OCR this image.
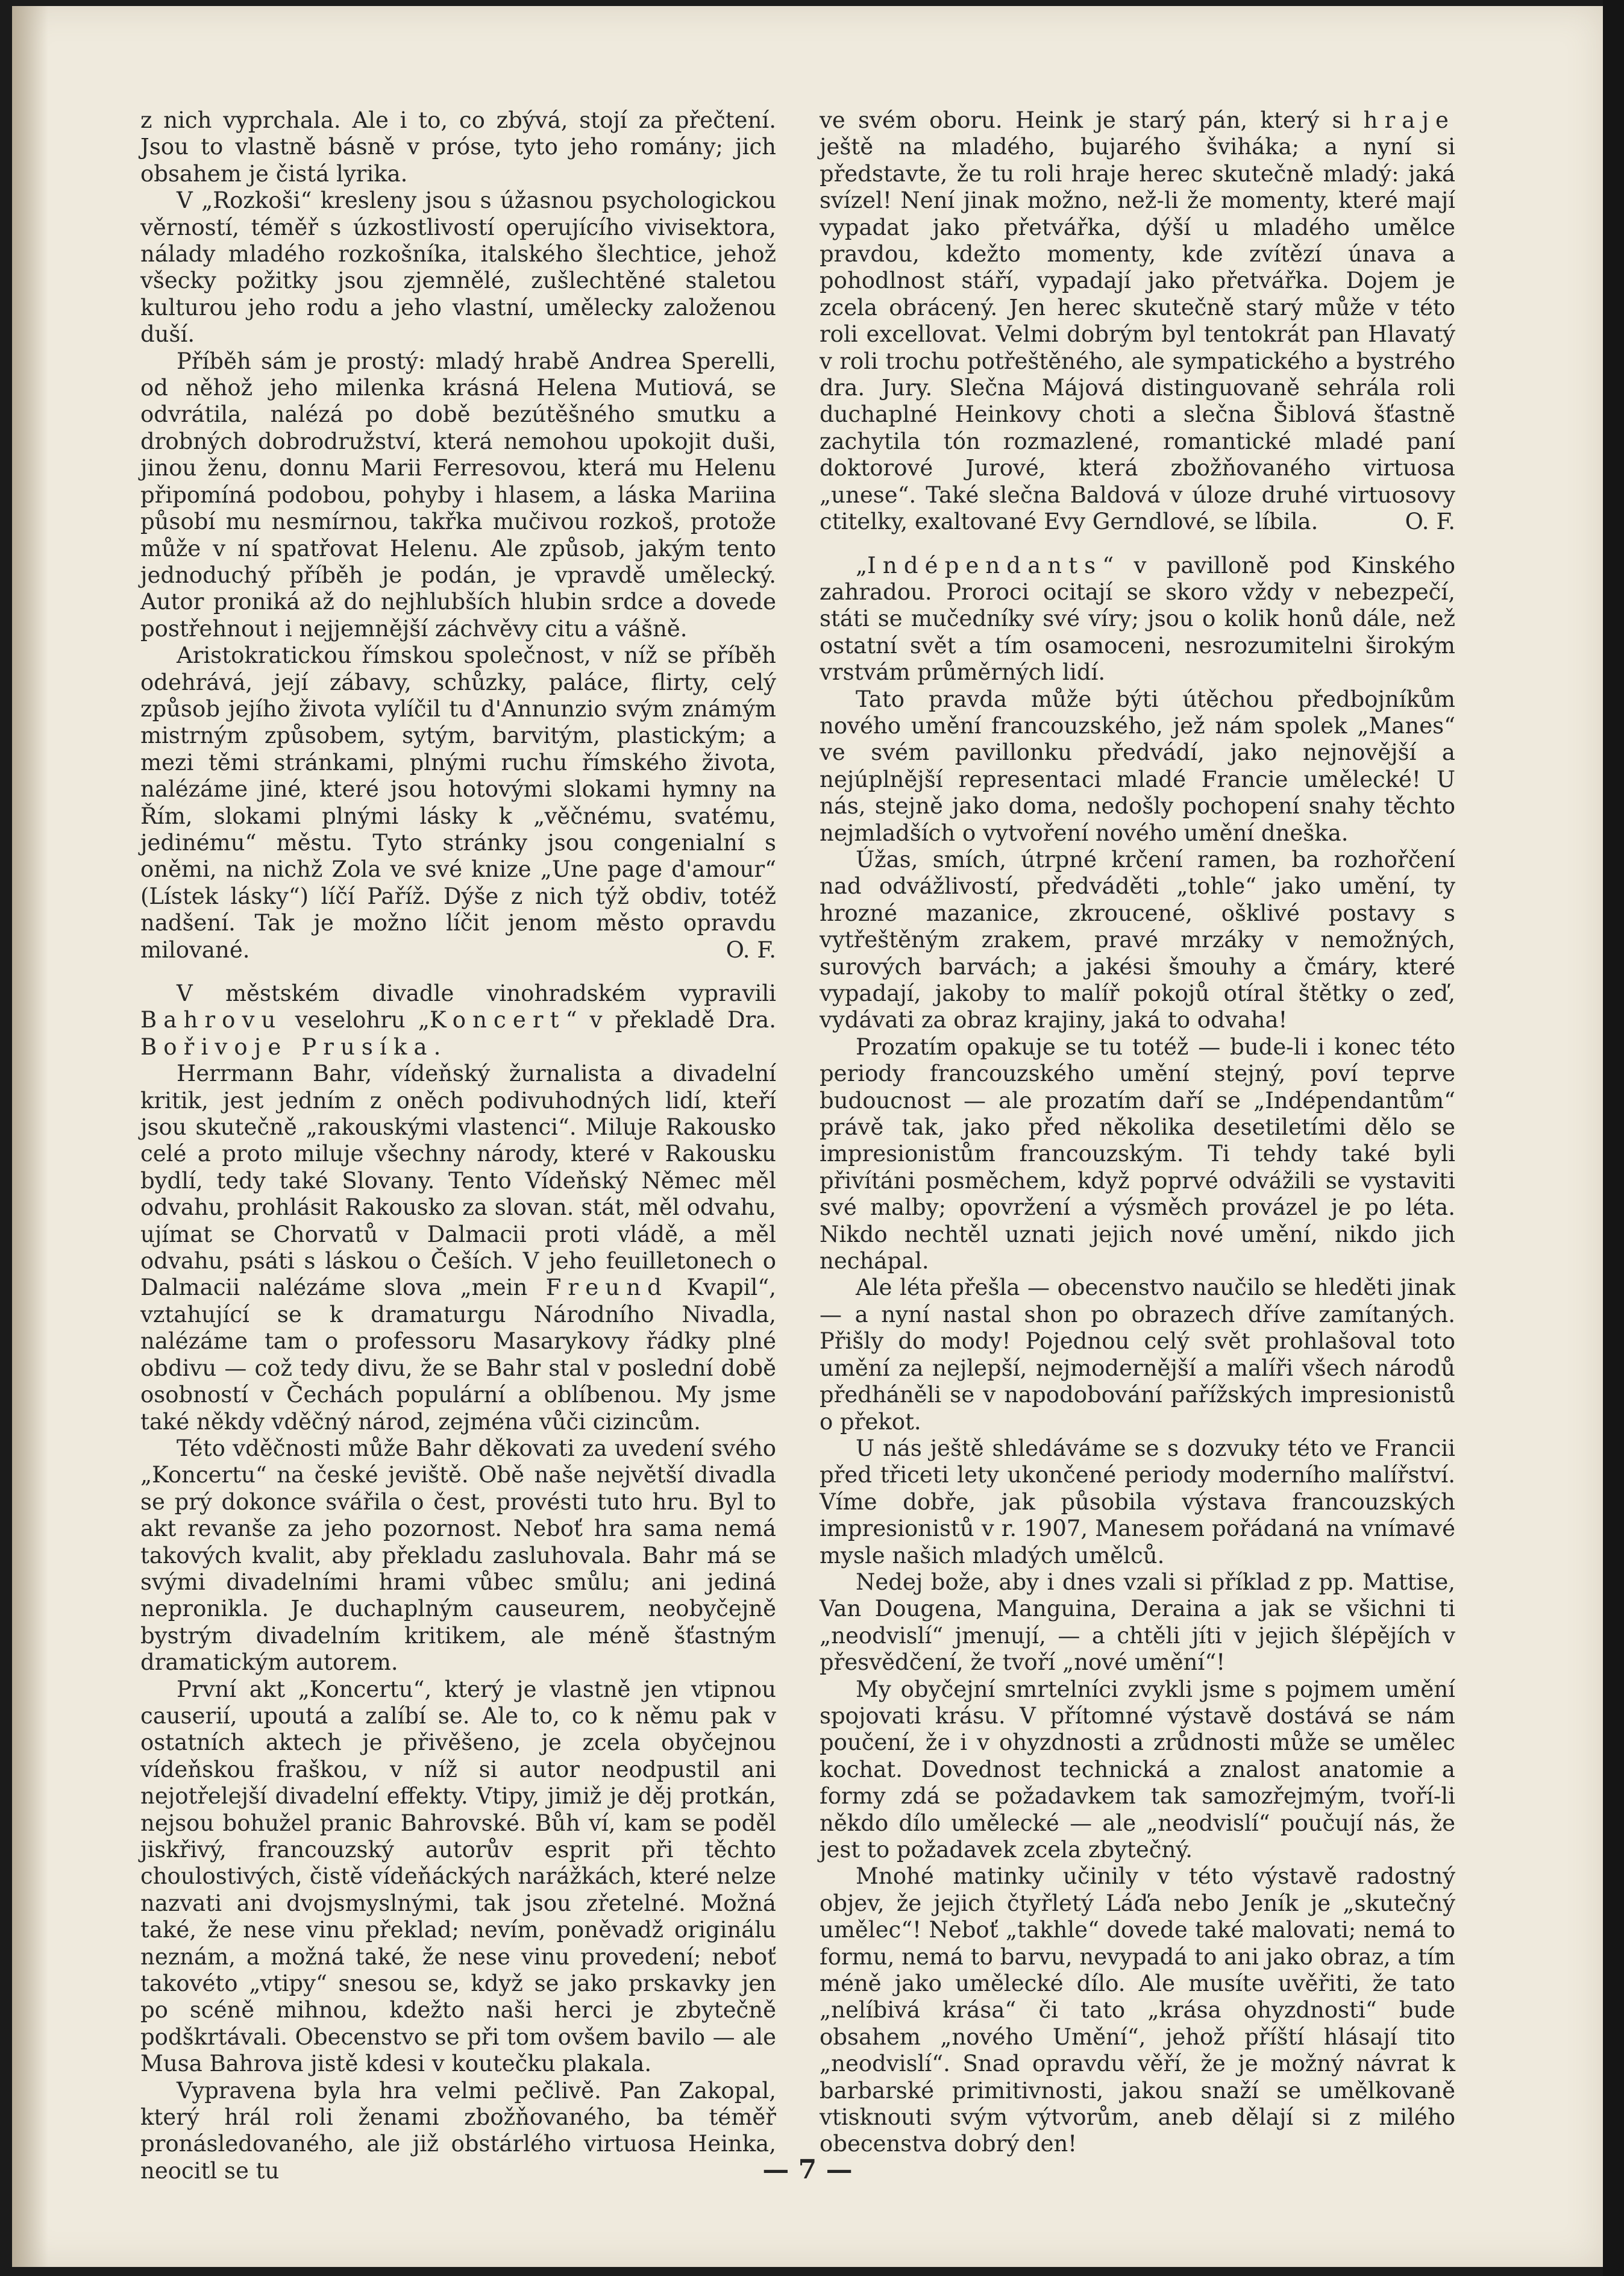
z nich vyprchala. Ale i to, co zbývá, stojí za přečtení. Jsou to vlastně básně v próse, tyto jeho romány; jich obsahem je čistá lyrika.

V „Rozkoši“ kresleny jsou s úžasnou psychologickou věrností, téměř s úzkostlivostí operujícího vivisektora, nálady mladého rozkošníka, italského šlechtice, jehož všecky požitky jsou zjemnělé, zušlechtěné staletou kulturou jeho rodu a jeho vlastní, umělecky založenou duší.

Příběh sám je prostý: mladý hrabě Andrea Sperelli, od něhož jeho milenka krásná Helena Mutiová, se odvrátila, nalézá po době bezútěšného smutku a drobných dobrodružství, která nemohou upokojit duši, jinou ženu, donnu Marii Ferresovou, která mu Helenu připomíná podobou, pohyby i hlasem, a láska Mariina působí mu nesmírnou, takřka mučivou rozkoš, protože může v ní spatřovat Helenu. Ale způsob, jakým tento jednoduchý příběh je podán, je vpravdě umělecký. Autor proniká až do nejhlubších hlubin srdce a dovede postřehnout i nejjemnější záchvěvy citu a vášně.

Aristokratickou římskou společnost, v níž se příběh odehrává, její zábavy, schůzky, paláce, flirty, celý způsob jejího života vylíčil tu d'Annunzio svým známým mistrným způsobem, sytým, barvitým, plastickým; a mezi těmi stránkami, plnými ruchu římského života, nalézáme jiné, které jsou hotovými slokami hymny na Řím, slokami plnými lásky k „věčnému, svatému, jedinému“ městu. Tyto stránky jsou congenialní s oněmi, na nichž Zola ve své knize „Une page d'amour“ (Lístek lásky“) líčí Paříž. Dýše z nich týž obdiv, totéž nadšení. Tak je možno líčit jenom město opravdu milované.	O. F.

V městském divadle vinohradském vypravili Bahrovu veselohru „Koncert“ v překladě Dra. Bořivoje Prusíka.

Herrmann Bahr, vídeňský žurnalista a divadelní kritik, jest jedním z oněch podivuhodných lidí, kteří jsou skutečně „rakouskými vlastenci“. Miluje Rakousko celé a proto miluje všechny národy, které v Rakousku bydlí, tedy také Slovany. Tento Vídeňský Němec měl odvahu, prohlásit Rakousko za slovan. stát, měl odvahu, ujímat se Chorvatů v Dalmacii proti vládě, a měl odvahu, psáti s láskou o Češích. V jeho feuilletonech o Dalmacii nalézáme slova „mein Freund Kvapil“, vztahující se k dramaturgu Národního Nivadla, nalézáme tam o professoru Masarykovy řádky plné obdivu — což tedy divu, že se Bahr stal v poslední době osobností v Čechách populární a oblíbenou. My jsme také někdy vděčný národ, zejména vůči cizincům.

Této vděčnosti může Bahr děkovati za uvedení svého „Koncertu“ na české jeviště. Obě naše největší divadla se prý dokonce svářila o čest, provésti tuto hru. Byl to akt revanše za jeho pozornost. Neboť hra sama nemá takových kvalit, aby překladu zasluhovala. Bahr má se svými divadelními hrami vůbec smůlu; ani jediná nepronikla. Je duchaplným causeurem, neobyčejně bystrým divadelním kritikem, ale méně šťastným dramatickým autorem.

První akt „Koncertu“, který je vlastně jen vtipnou causerií, upoutá a zalíbí se. Ale to, co k němu pak v ostatních aktech je přivěšeno, je zcela obyčejnou vídeňskou fraškou, v níž si autor neodpustil ani nejotřelejší divadelní effekty. Vtipy, jimiž je děj protkán, nejsou bohužel pranic Bahrovské. Bůh ví, kam se poděl jiskřivý, francouzský autorův esprit při těchto choulostivých, čistě vídeňáckých narážkách, které nelze nazvati ani dvojsmyslnými, tak jsou zřetelné. Možná také, že nese vinu překlad; nevím, poněvadž originálu neznám, a možná také, že nese vinu provedení; neboť takovéto „vtipy“ snesou se, když se jako prskavky jen po scéně mihnou, kdežto naši herci je zbytečně podškrtávali. Obecenstvo se při tom ovšem bavilo — ale Musa Bahrova jistě kdesi v koutečku plakala.

Vypravena byla hra velmi pečlivě. Pan Zakopal, který hrál roli ženami zbožňovaného, ba téměř pronásledovaného, ale již obstárlého virtuosa Heinka, neocitl se tu

ve svém oboru. Heink je starý pán, který si hraje ještě na mladého, bujarého šviháka; a nyní si představte, že tu roli hraje herec skutečně mladý: jaká svízel! Není jinak možno, než-li že momenty, které mají vypadat jako přetvářka, dýší u mladého umělce pravdou, kdežto momenty, kde zvítězí únava a pohodlnost stáří, vypadají jako přetvářka. Dojem je zcela obrácený. Jen herec skutečně starý může v této roli excellovat. Velmi dobrým byl tentokrát pan Hlavatý v roli trochu potřeštěného, ale sympatického a bystrého dra. Jury. Slečna Májová distinguovaně sehrála roli duchaplné Heinkovy choti a slečna Šiblová šťastně zachytila tón rozmazlené, romantické mladé paní doktorové Jurové, která zbožňovaného virtuosa „unese“. Také slečna Baldová v úloze druhé virtuosovy ctitelky, exaltované Evy Gerndlové, se líbila.	O. F.

„Indépendants“ v pavilloně pod Kinského zahradou. Proroci ocitají se skoro vždy v nebezpečí, státi se mučedníky své víry; jsou o kolik honů dále, než ostatní svět a tím osamoceni, nesrozumitelni širokým vrstvám průměrných lidí.

Tato pravda může býti útěchou předbojníkům nového umění francouzského, jež nám spolek „Manes“ ve svém pavillonku předvádí, jako nejnovější a nejúplnější representaci mladé Francie umělecké! U nás, stejně jako doma, nedošly pochopení snahy těchto nejmladších o vytvoření nového umění dneška.

Úžas, smích, útrpné krčení ramen, ba rozhořčení nad odvážlivostí, předváděti „tohle“ jako umění, ty hrozné mazanice, zkroucené, ošklivé postavy s vytřeštěným zrakem, pravé mrzáky v nemožných, surových barvách; a jakési šmouhy a čmáry, které vypadají, jakoby to malíř pokojů otíral štětky o zeď, vydávati za obraz krajiny, jaká to odvaha!

Prozatím opakuje se tu totéž — bude-li i konec této periody francouzského umění stejný, poví teprve budoucnost — ale prozatím daří se „Indépendantům“ právě tak, jako před několika desetiletími dělo se impresionistům francouzským. Ti tehdy také byli přivítáni posměchem, když poprvé odvážili se vystaviti své malby; opovržení a výsměch provázel je po léta. Nikdo nechtěl uznati jejich nové umění, nikdo jich nechápal.

Ale léta přešla — obecenstvo naučilo se hleděti jinak — a nyní nastal shon po obrazech dříve zamítaných. Přišly do mody! Pojednou celý svět prohlašoval toto umění za nejlepší, nejmodernější a malíři všech národů předháněli se v napodobování pařížských impresionistů o překot.

U nás ještě shledáváme se s dozvuky této ve Francii před třiceti lety ukončené periody moderního malířství. Víme dobře, jak působila výstava francouzských impresionistů v r. 1907, Manesem pořádaná na vnímavé mysle našich mladých umělců.

Nedej bože, aby i dnes vzali si příklad z pp. Mattise, Van Dougena, Manguina, Deraina a jak se všichni ti „neodvislí“ jmenují, — a chtěli jíti v jejich šlépějích v přesvědčení, že tvoří „nové umění“!

My obyčejní smrtelníci zvykli jsme s pojmem umění spojovati krásu. V přítomné výstavě dostává se nám poučení, že i v ohyzdnosti a zrůdnosti může se umělec kochat. Dovednost technická a znalost anatomie a formy zdá se požadavkem tak samozřejmým, tvoří-li někdo dílo umělecké — ale „neodvislí“ poučují nás, že jest to požadavek zcela zbytečný.

Mnohé matinky učinily v této výstavě radostný objev, že jejich čtyřletý Láďa nebo Jeník je „skutečný umělec“! Neboť „takhle“ dovede také malovati; nemá to formu, nemá to barvu, nevypadá to ani jako obraz, a tím méně jako umělecké dílo. Ale musíte uvěřiti, že tato „nelíbivá krása“ či tato „krása ohyzdnosti“ bude obsahem „nového Umění“, jehož příští hlásají tito „neodvislí“. Snad opravdu věří, že je možný návrat k barbarské primitivnosti, jakou snaží se umělkovaně vtisknouti svým výtvorům, aneb dělají si z milého obecenstva dobrý den!

— 7 —
